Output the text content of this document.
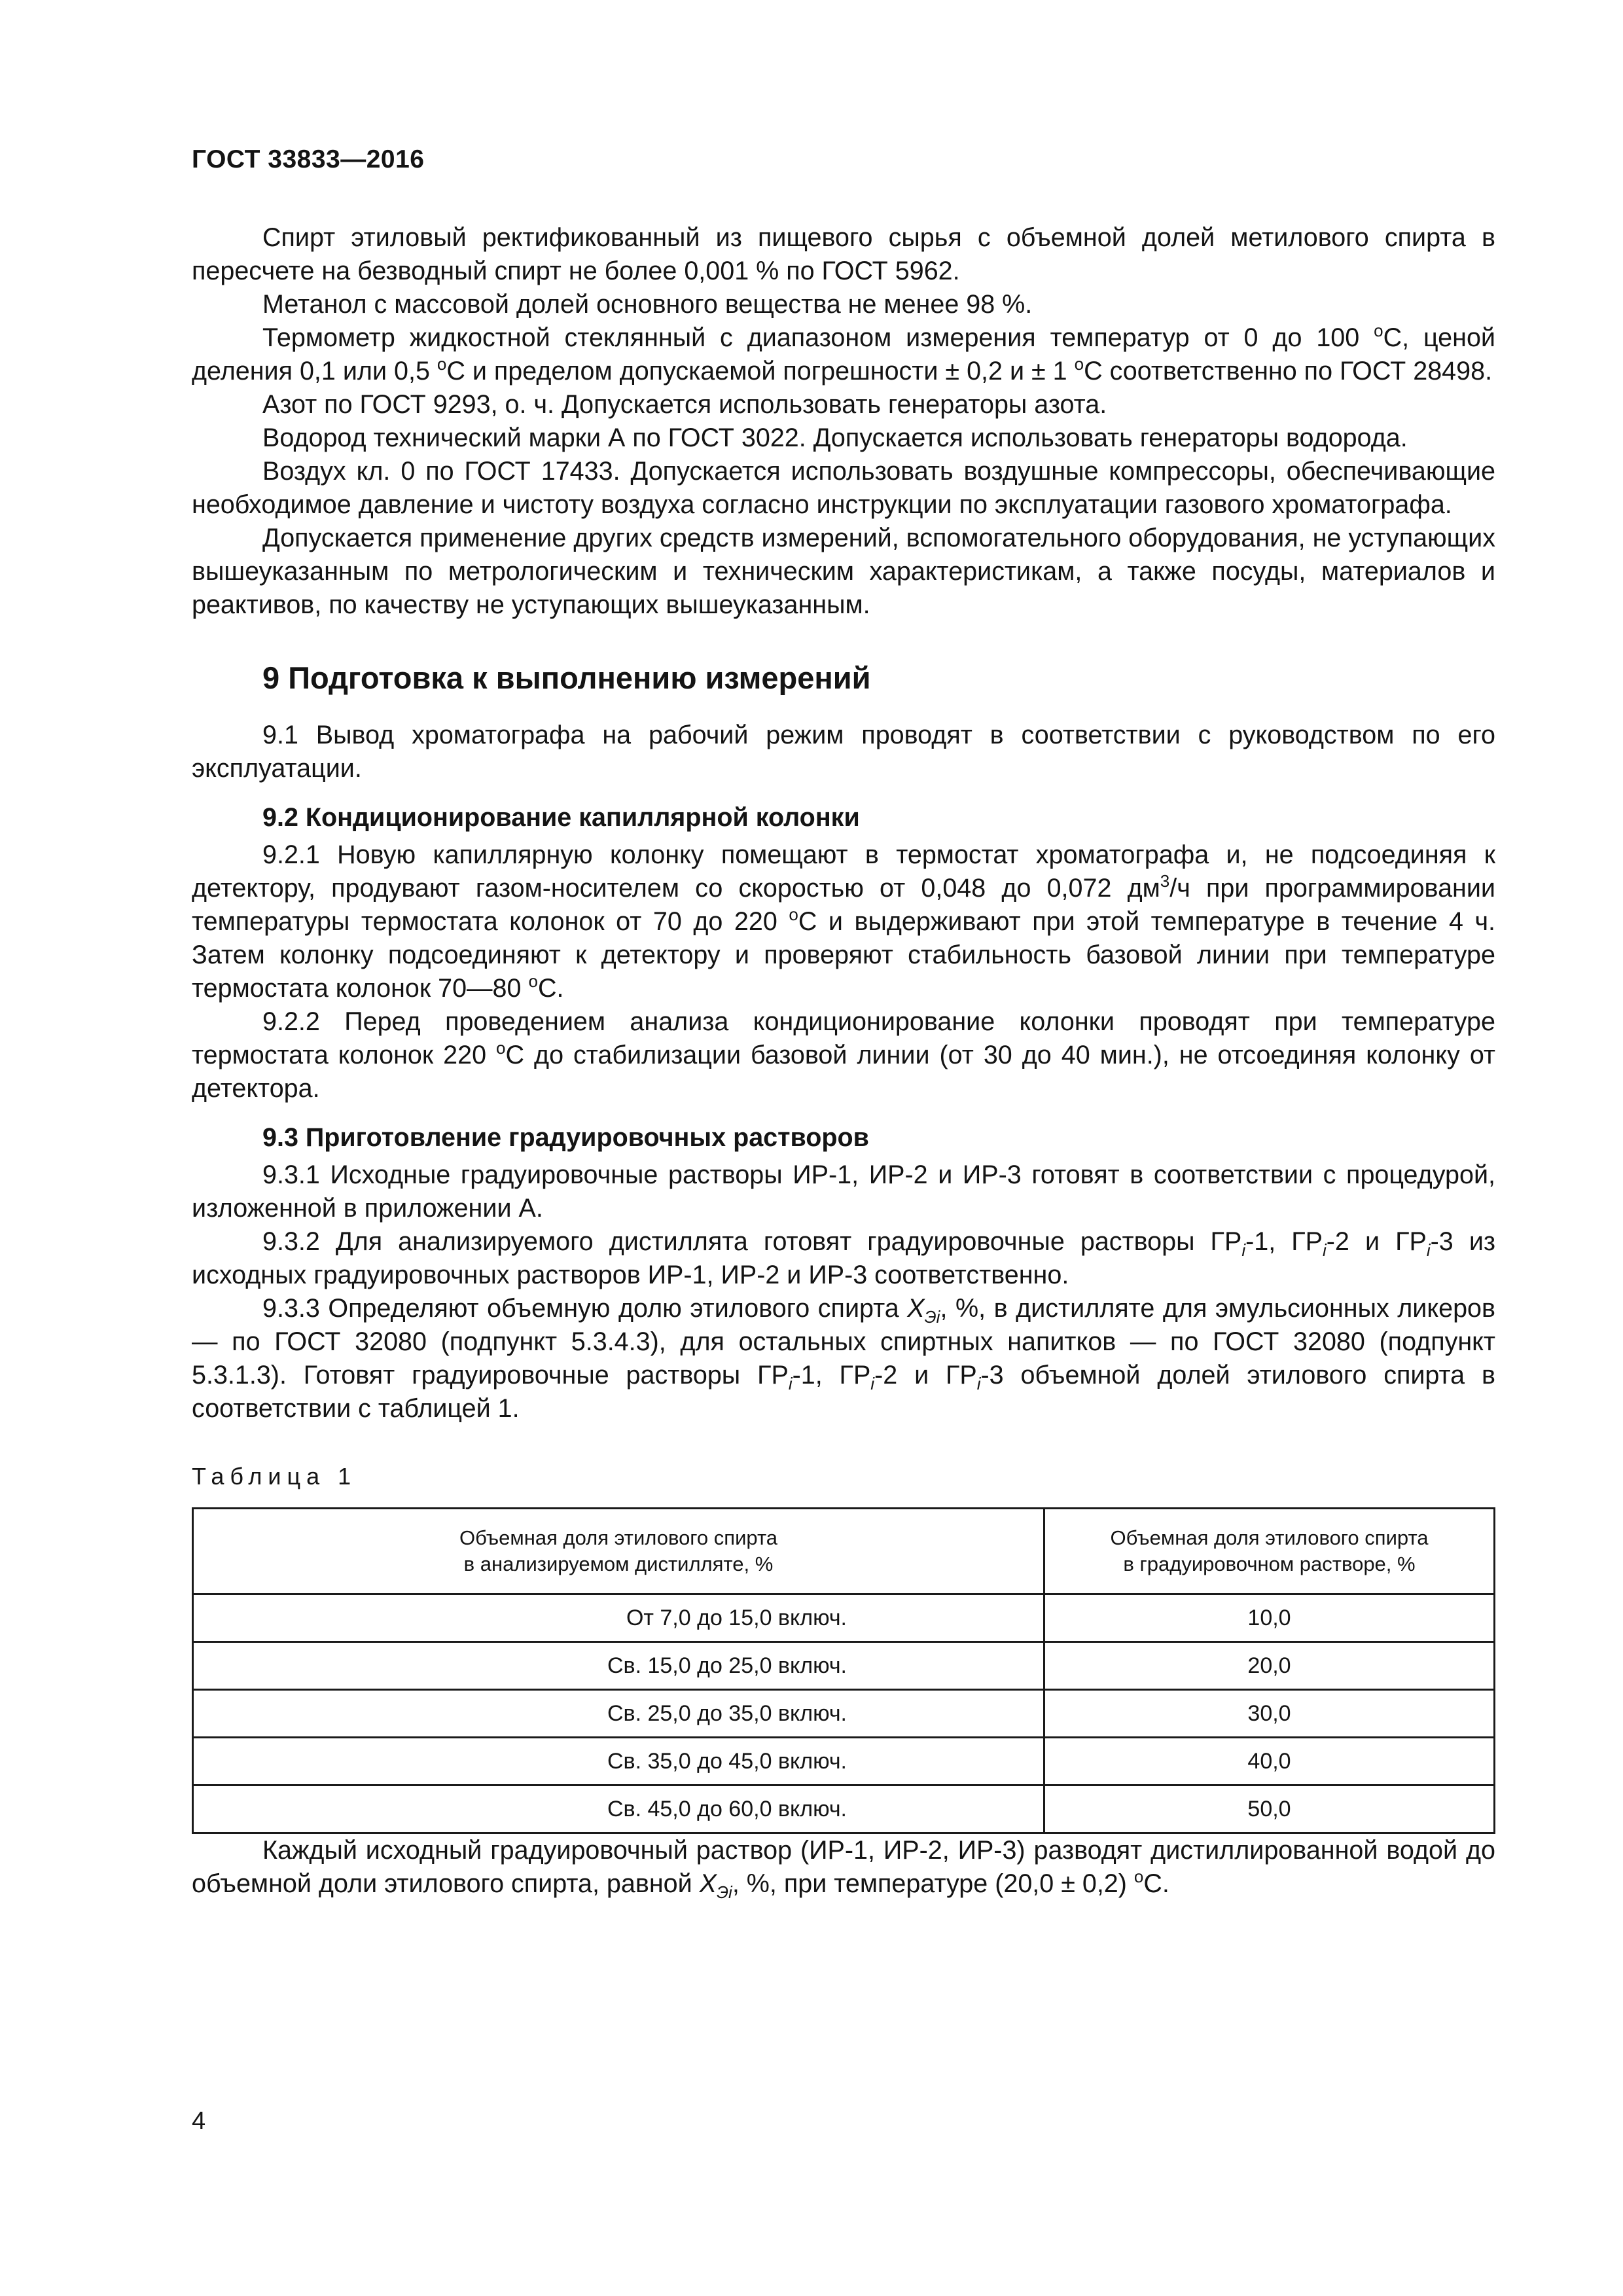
ГОСТ 33833—2016

Спирт этиловый ректификованный из пищевого сырья с объемной долей метилового спирта в пересчете на безводный спирт не более 0,001 % по ГОСТ 5962.

Метанол с массовой долей основного вещества не менее 98 %.

Термометр жидкостной стеклянный с диапазоном измерения температур от 0 до 100 $^о$С, ценой деления 0,1 или 0,5 $^о$С и пределом допускаемой погрешности ± 0,2 и ± 1 $^о$С соответственно по ГОСТ 28498.

Азот по ГОСТ 9293, о. ч. Допускается использовать генераторы азота.

Водород технический марки А по ГОСТ 3022. Допускается использовать генераторы водорода.

Воздух кл. 0 по ГОСТ 17433. Допускается использовать воздушные компрессоры, обеспечивающие необходимое давление и чистоту воздуха согласно инструкции по эксплуатации газового хроматографа.

Допускается применение других средств измерений, вспомогательного оборудования, не уступающих вышеуказанным по метрологическим и техническим характеристикам, а также посуды, материалов и реактивов, по качеству не уступающих вышеуказанным.

9 Подготовка к выполнению измерений

9.1 Вывод хроматографа на рабочий режим проводят в соответствии с руководством по его эксплуатации.

9.2 Кондиционирование капиллярной колонки

9.2.1 Новую капиллярную колонку помещают в термостат хроматографа и, не подсоединяя к детектору, продувают газом-носителем со скоростью от 0,048 до 0,072 $дм^3/ч$ при программировании температуры термостата колонок от 70 до 220 $^о$С и выдерживают при этой температуре в течение 4 ч. Затем колонку подсоединяют к детектору и проверяют стабильность базовой линии при температуре термостата колонок 70—80 $^о$С.

9.2.2 Перед проведением анализа кондиционирование колонки проводят при температуре термостата колонок 220 $^о$С до стабилизации базовой линии (от 30 до 40 мин.), не отсоединяя колонку от детектора.

9.3 Приготовление градуировочных растворов

9.3.1 Исходные градуировочные растворы ИР-1, ИР-2 и ИР-3 готовят в соответствии с процедурой, изложенной в приложении А.

9.3.2 Для анализируемого дистиллята готовят градуировочные растворы $ГР_i-1$, $ГР_i-2$ и $ГР_i-3$ из исходных градуировочных растворов ИР-1, ИР-2 и ИР-3 соответственно.

9.3.3 Определяют объемную долю этилового спирта $X_{Эi}$, %, в дистилляте для эмульсионных ликеров — по ГОСТ 32080 (подпункт 5.3.4.3), для остальных спиртных напитков — по ГОСТ 32080 (подпункт 5.3.1.3). Готовят градуировочные растворы $ГР_i-1$, $ГР_i-2$ и $ГР_i-3$ объемной долей этилового спирта в соответствии с таблицей 1.

Таблица 1
Объемная доля этилового спирта
в анализируемом дистилляте, %	Объемная доля этилового спирта
в градуировочном растворе, %
От 7,0 до 15,0 включ.	10,0
Св. 15,0 до 25,0 включ.	20,0
Св. 25,0 до 35,0 включ.	30,0
Св. 35,0 до 45,0 включ.	40,0
Св. 45,0 до 60,0 включ.	50,0

Каждый исходный градуировочный раствор (ИР-1, ИР-2, ИР-3) разводят дистиллированной водой до объемной доли этилового спирта, равной $X_{Эi}$, %, при температуре (20,0 ± 0,2) $^о$С.

4
